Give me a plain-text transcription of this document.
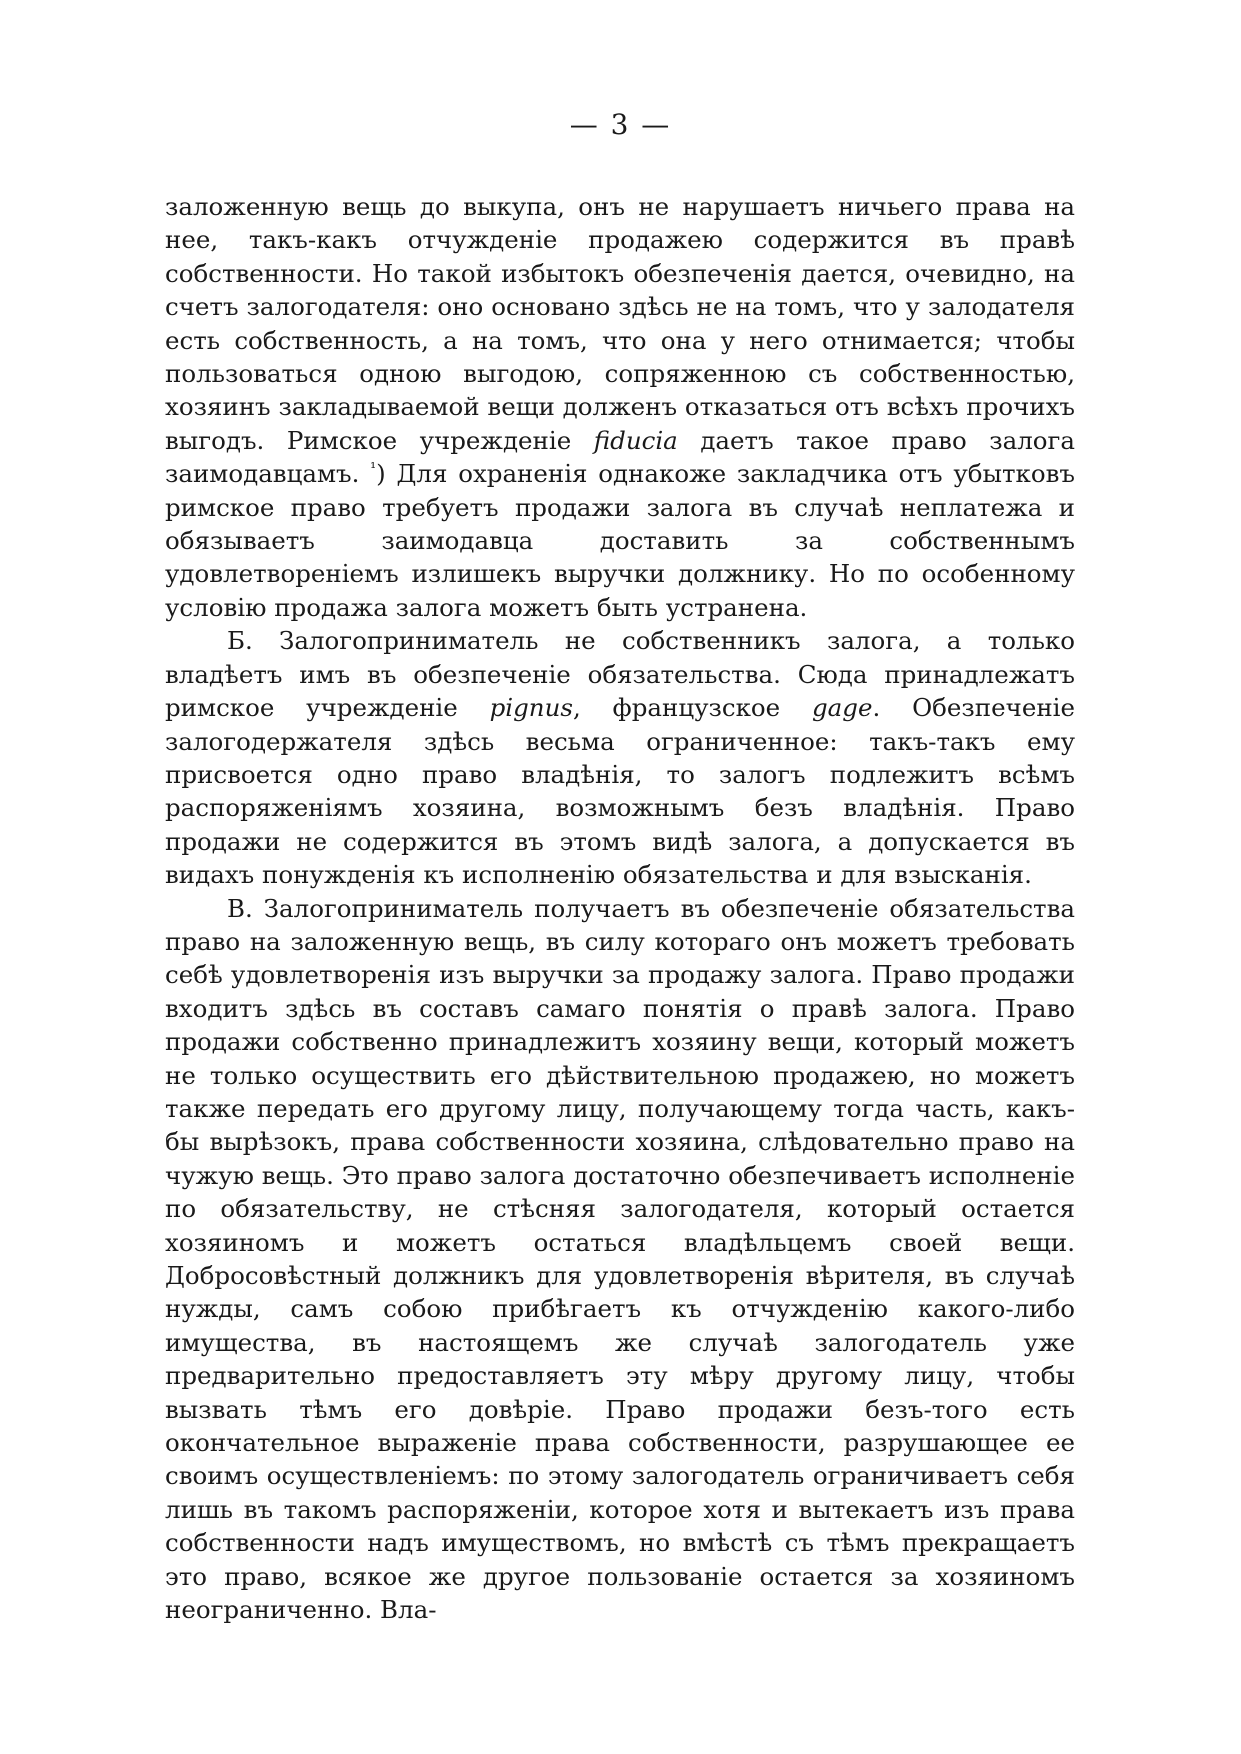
— 3 —

заложенную вещь до выкупа, онъ не нарушаетъ ничьего права на нее, такъ-какъ отчужденіе продажею содержится въ правѣ собственности. Но такой избытокъ обезпеченія дается, очевидно, на счетъ залогодателя: оно основано здѣсь не на томъ, что у залодателя есть собственность, а на томъ, что она у него отнимается; чтобы пользоваться одною выгодою, сопряженною съ собственностью, хозяинъ закладываемой вещи долженъ отказаться отъ всѣхъ прочихъ выгодъ. Римское учрежденіе fiducia даетъ такое право залога заимодавцамъ. $^{^1}$) Для охраненія однакоже закладчика отъ убытковъ римское право требуетъ продажи залога въ случаѣ неплатежа и обязываетъ заимодавца доставить за собственнымъ удовлетвореніемъ излишекъ выручки должнику. Но по особенному условію продажа залога можетъ быть устранена.

Б. Залогоприниматель не собственникъ залога, а только владѣетъ имъ въ обезпеченіе обязательства. Сюда принадлежатъ римское учрежденіе pignus, французское gage. Обезпеченіе залогодержателя здѣсь весьма ограниченное: такъ-такъ ему присвоется одно право владѣнія, то залогъ подлежитъ всѣмъ распоряженіямъ хозяина, возможнымъ безъ владѣнія. Право продажи не содержится въ этомъ видѣ залога, а допускается въ видахъ понужденія къ исполненію обязательства и для взысканія.

В. Залогоприниматель получаетъ въ обезпеченіе обязательства право на заложенную вещь, въ силу котораго онъ можетъ требовать себѣ удовлетворенія изъ выручки за продажу залога. Право продажи входитъ здѣсь въ составъ самаго понятія о правѣ залога. Право продажи собственно принадлежитъ хозяину вещи, который можетъ не только осуществить его дѣйствительною продажею, но можетъ также передать его другому лицу, получающему тогда часть, какъ-бы вырѣзокъ, права собственности хозяина, слѣдовательно право на чужую вещь. Это право залога достаточно обезпечиваетъ исполненіе по обязательству, не стѣсняя залогодателя, который остается хозяиномъ и можетъ остаться владѣльцемъ своей вещи. Добросовѣстный должникъ для удовлетворенія вѣрителя, въ случаѣ нужды, самъ собою прибѣгаетъ къ отчужденію какого-либо имущества, въ настоящемъ же случаѣ залогодатель уже предварительно предоставляетъ эту мѣру другому лицу, чтобы вызвать тѣмъ его довѣріе. Право продажи безъ-того есть окончательное выраженіе права собственности, разрушающее ее своимъ осуществленіемъ: по этому залогодатель ограничиваетъ себя лишь въ такомъ распоряженіи, которое хотя и вытекаетъ изъ права собственности надъ имуществомъ, но вмѣстѣ съ тѣмъ прекращаетъ это право, всякое же другое пользованіе остается за хозяиномъ неограниченно. Вла-
